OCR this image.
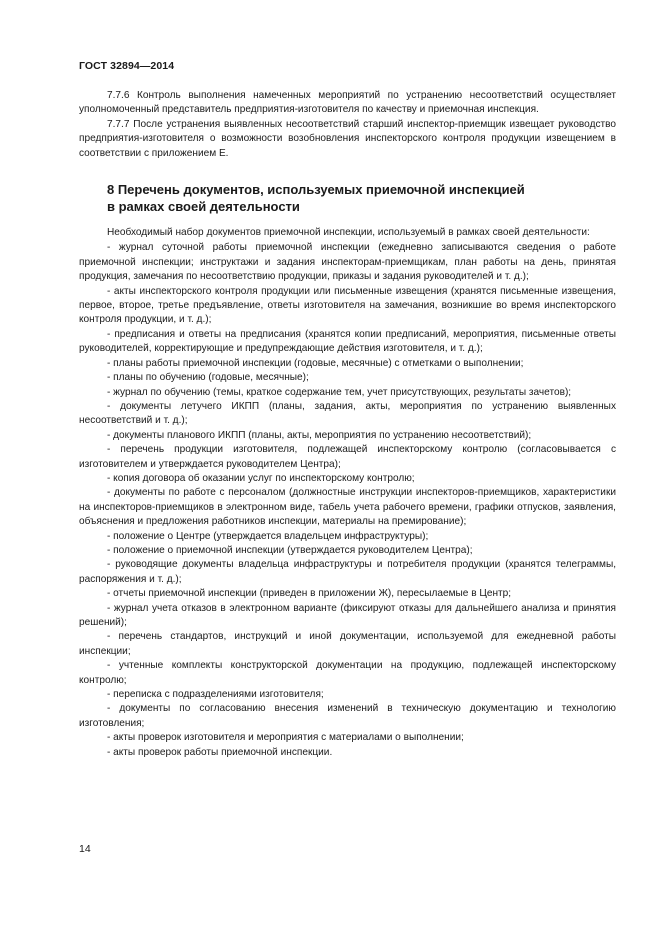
ГОСТ 32894—2014

7.7.6 Контроль выполнения намеченных мероприятий по устранению несоответствий осуществляет уполномоченный представитель предприятия-изготовителя по качеству и приемочная инспекция.

7.7.7 После устранения выявленных несоответствий старший инспектор-приемщик извещает руководство предприятия-изготовителя о возможности возобновления инспекторского контроля продукции извещением в соответствии с приложением Е.

8 Перечень документов, используемых приемочной инспекцией
в рамках своей деятельности

Необходимый набор документов приемочной инспекции, используемый в рамках своей деятельности:

- журнал суточной работы приемочной инспекции (ежедневно записываются сведения о работе приемочной инспекции; инструктажи и задания инспекторам-приемщикам, план работы на день, принятая продукция, замечания по несоответствию продукции, приказы и задания руководителей и т. д.);
- акты инспекторского контроля продукции или письменные извещения (хранятся письменные извещения, первое, второе, третье предъявление, ответы изготовителя на замечания, возникшие во время инспекторского контроля продукции, и т. д.);
- предписания и ответы на предписания (хранятся копии предписаний, мероприятия, письменные ответы руководителей, корректирующие и предупреждающие действия изготовителя, и т. д.);
- планы работы приемочной инспекции (годовые, месячные) с отметками о выполнении;
- планы по обучению (годовые, месячные);
- журнал по обучению (темы, краткое содержание тем, учет присутствующих, результаты зачетов);
- документы летучего ИКПП (планы, задания, акты, мероприятия по устранению выявленных несоответствий и т. д.);
- документы планового ИКПП (планы, акты, мероприятия по устранению несоответствий);
- перечень продукции изготовителя, подлежащей инспекторскому контролю (согласовывается с изготовителем и утверждается руководителем Центра);
- копия договора об оказании услуг по инспекторскому контролю;
- документы по работе с персоналом (должностные инструкции инспекторов-приемщиков, характеристики на инспекторов-приемщиков в электронном виде, табель учета рабочего времени, графики отпусков, заявления, объяснения и предложения работников инспекции, материалы на премирование);
- положение о Центре (утверждается владельцем инфраструктуры);
- положение о приемочной инспекции (утверждается руководителем Центра);
- руководящие документы владельца инфраструктуры и потребителя продукции (хранятся телеграммы, распоряжения и т. д.);
- отчеты приемочной инспекции (приведен в приложении Ж), пересылаемые в Центр;
- журнал учета отказов в электронном варианте (фиксируют отказы для дальнейшего анализа и принятия решений);
- перечень стандартов, инструкций и иной документации, используемой для ежедневной работы инспекции;
- учтенные комплекты конструкторской документации на продукцию, подлежащей инспекторскому контролю;
- переписка с подразделениями изготовителя;
- документы по согласованию внесения изменений в техническую документацию и технологию изготовления;
- акты проверок изготовителя и мероприятия с материалами о выполнении;
- акты проверок работы приемочной инспекции.
14
